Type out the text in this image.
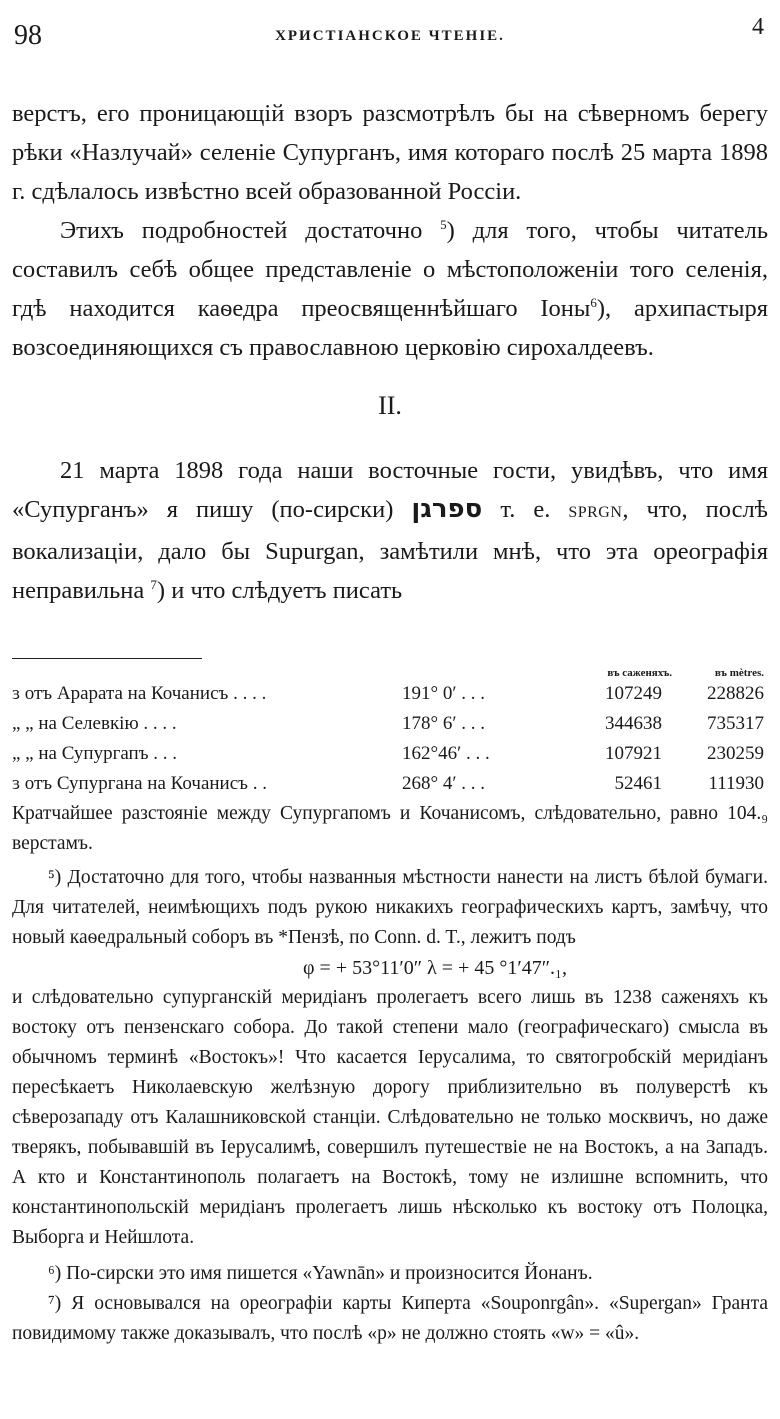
98	ХРИСТІАНСКОЕ ЧТЕНІЕ.	4

верстъ, его проницающій взоръ разсмотрѣлъ бы на сѣверномъ берегу рѣки «Назлучай» селеніе Супурганъ, имя котораго послѣ 25 марта 1898 г. сдѣлалось извѣстно всей образованной Россіи.

Этихъ подробностей достаточно $^5$) для того, чтобы читатель составилъ себѣ общее представленіе о мѣстоположеніи того селенія, гдѣ находится каѳедра преосвященнѣйшаго Іоны$^6$), архипастыря возсоединяющихся съ православною церковію сирохалдеевъ.

II.

21 марта 1898 года наши восточные гости, увидѣвъ, что имя «Супурганъ» я пишу (по-сирски) ספרגן т. е. SPRGN, что, послѣ вокализаціи, дало бы Supurgan, замѣтили мнѣ, что эта ореографія неправильна $^7$) и что слѣдуетъ писать

		въ саженяхъ.	въ mètres.
ɜ отъ Арарата на Кочанисъ . . . .	191° 0′ . . .	107249	228826
„ „ на Селевкію . . . .	178° 6′ . . .	344638	735317
„ „ на Супургапъ . . .	162°46′ . . .	107921	230259
ɜ отъ Супургана на Кочанисъ . .	268° 4′ . . .	52461	111930

Кратчайшее разстояніе между Супургапомъ и Кочанисомъ, слѣдовательно, равно 104.₉ верстамъ.

⁵) Достаточно для того, чтобы названныя мѣстности нанести на листъ бѣлой бумаги. Для читателей, неимѣющихъ подъ рукою никакихъ географическихъ картъ, замѣчу, что новый каѳедральный соборъ въ *Пензѣ, по Conn. d. T., лежитъ подъ

φ = + 53°11′0″ λ = + 45 °1′47″.₁,

и слѣдовательно супурганскій меридіанъ пролегаетъ всего лишь въ 1238 саженяхъ къ востоку отъ пензенскаго собора. До такой степени мало (географическаго) смысла въ обычномъ терминѣ «Востокъ»! Что касается Іерусалима, то святогробскій меридіанъ пересѣкаетъ Николаевскую желѣзную дорогу приблизительно въ полуверстѣ къ сѣверозападу отъ Калашниковской станціи. Слѣдовательно не только москвичъ, но даже тверякъ, побывавшій въ Іерусалимѣ, совершилъ путешествіе не на Востокъ, а на Западъ. А кто и Константинополь полагаетъ на Востокѣ, тому не излишне вспомнить, что константинопольскій меридіанъ пролегаетъ лишь нѣсколько къ востоку отъ Полоцка, Выборга и Нейшлота.

⁶) По-сирски это имя пишется «Yawnān» и произносится Йонанъ.

⁷) Я основывался на ореографіи карты Киперта «Souponrgân». «Supergan» Гранта повидимому также доказывалъ, что послѣ «р» не должно стоять «w» = «û».
